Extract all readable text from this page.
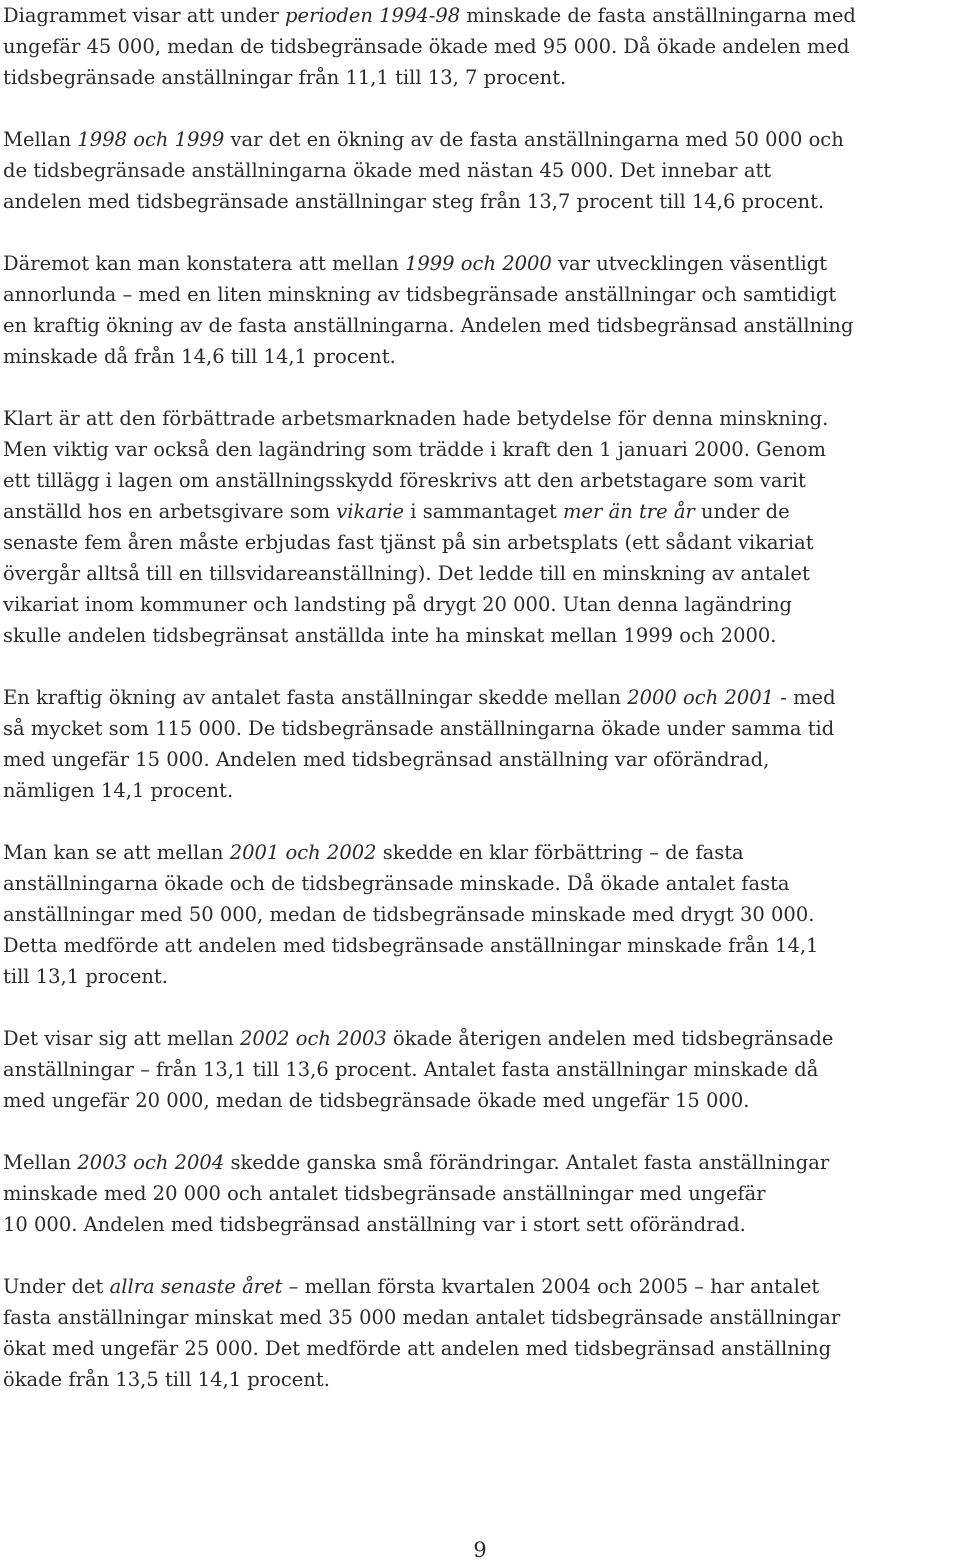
Diagrammet visar att under perioden 1994-98 minskade de fasta anställningarna med
ungefär 45 000, medan de tidsbegränsade ökade med 95 000. Då ökade andelen med
tidsbegränsade anställningar från 11,1 till 13, 7 procent.

Mellan 1998 och 1999 var det en ökning av de fasta anställningarna med 50 000 och
de tidsbegränsade anställningarna ökade med nästan 45 000. Det innebar att
andelen med tidsbegränsade anställningar steg från 13,7 procent till 14,6 procent.

Däremot kan man konstatera att mellan 1999 och 2000 var utvecklingen väsentligt
annorlunda – med en liten minskning av tidsbegränsade anställningar och samtidigt
en kraftig ökning av de fasta anställningarna. Andelen med tidsbegränsad anställning
minskade då från 14,6 till 14,1 procent.

Klart är att den förbättrade arbetsmarknaden hade betydelse för denna minskning.
Men viktig var också den lagändring som trädde i kraft den 1 januari 2000. Genom
ett tillägg i lagen om anställningsskydd föreskrivs att den arbetstagare som varit
anställd hos en arbetsgivare som vikarie i sammantaget mer än tre år under de
senaste fem åren måste erbjudas fast tjänst på sin arbetsplats (ett sådant vikariat
övergår alltså till en tillsvidareanställning). Det ledde till en minskning av antalet
vikariat inom kommuner och landsting på drygt 20 000. Utan denna lagändring
skulle andelen tidsbegränsat anställda inte ha minskat mellan 1999 och 2000.

En kraftig ökning av antalet fasta anställningar skedde mellan 2000 och 2001 - med
så mycket som 115 000. De tidsbegränsade anställningarna ökade under samma tid
med ungefär 15 000. Andelen med tidsbegränsad anställning var oförändrad,
nämligen 14,1 procent.

Man kan se att mellan 2001 och 2002 skedde en klar förbättring – de fasta
anställningarna ökade och de tidsbegränsade minskade. Då ökade antalet fasta
anställningar med 50 000, medan de tidsbegränsade minskade med drygt 30 000.
Detta medförde att andelen med tidsbegränsade anställningar minskade från 14,1
till 13,1 procent.

Det visar sig att mellan 2002 och 2003 ökade återigen andelen med tidsbegränsade
anställningar – från 13,1 till 13,6 procent. Antalet fasta anställningar minskade då
med ungefär 20 000, medan de tidsbegränsade ökade med ungefär 15 000.

Mellan 2003 och 2004 skedde ganska små förändringar. Antalet fasta anställningar
minskade med 20 000 och antalet tidsbegränsade anställningar med ungefär
10 000. Andelen med tidsbegränsad anställning var i stort sett oförändrad.

Under det allra senaste året – mellan första kvartalen 2004 och 2005 – har antalet
fasta anställningar minskat med 35 000 medan antalet tidsbegränsade anställningar
ökat med ungefär 25 000. Det medförde att andelen med tidsbegränsad anställning
ökade från 13,5 till 14,1 procent.

9
